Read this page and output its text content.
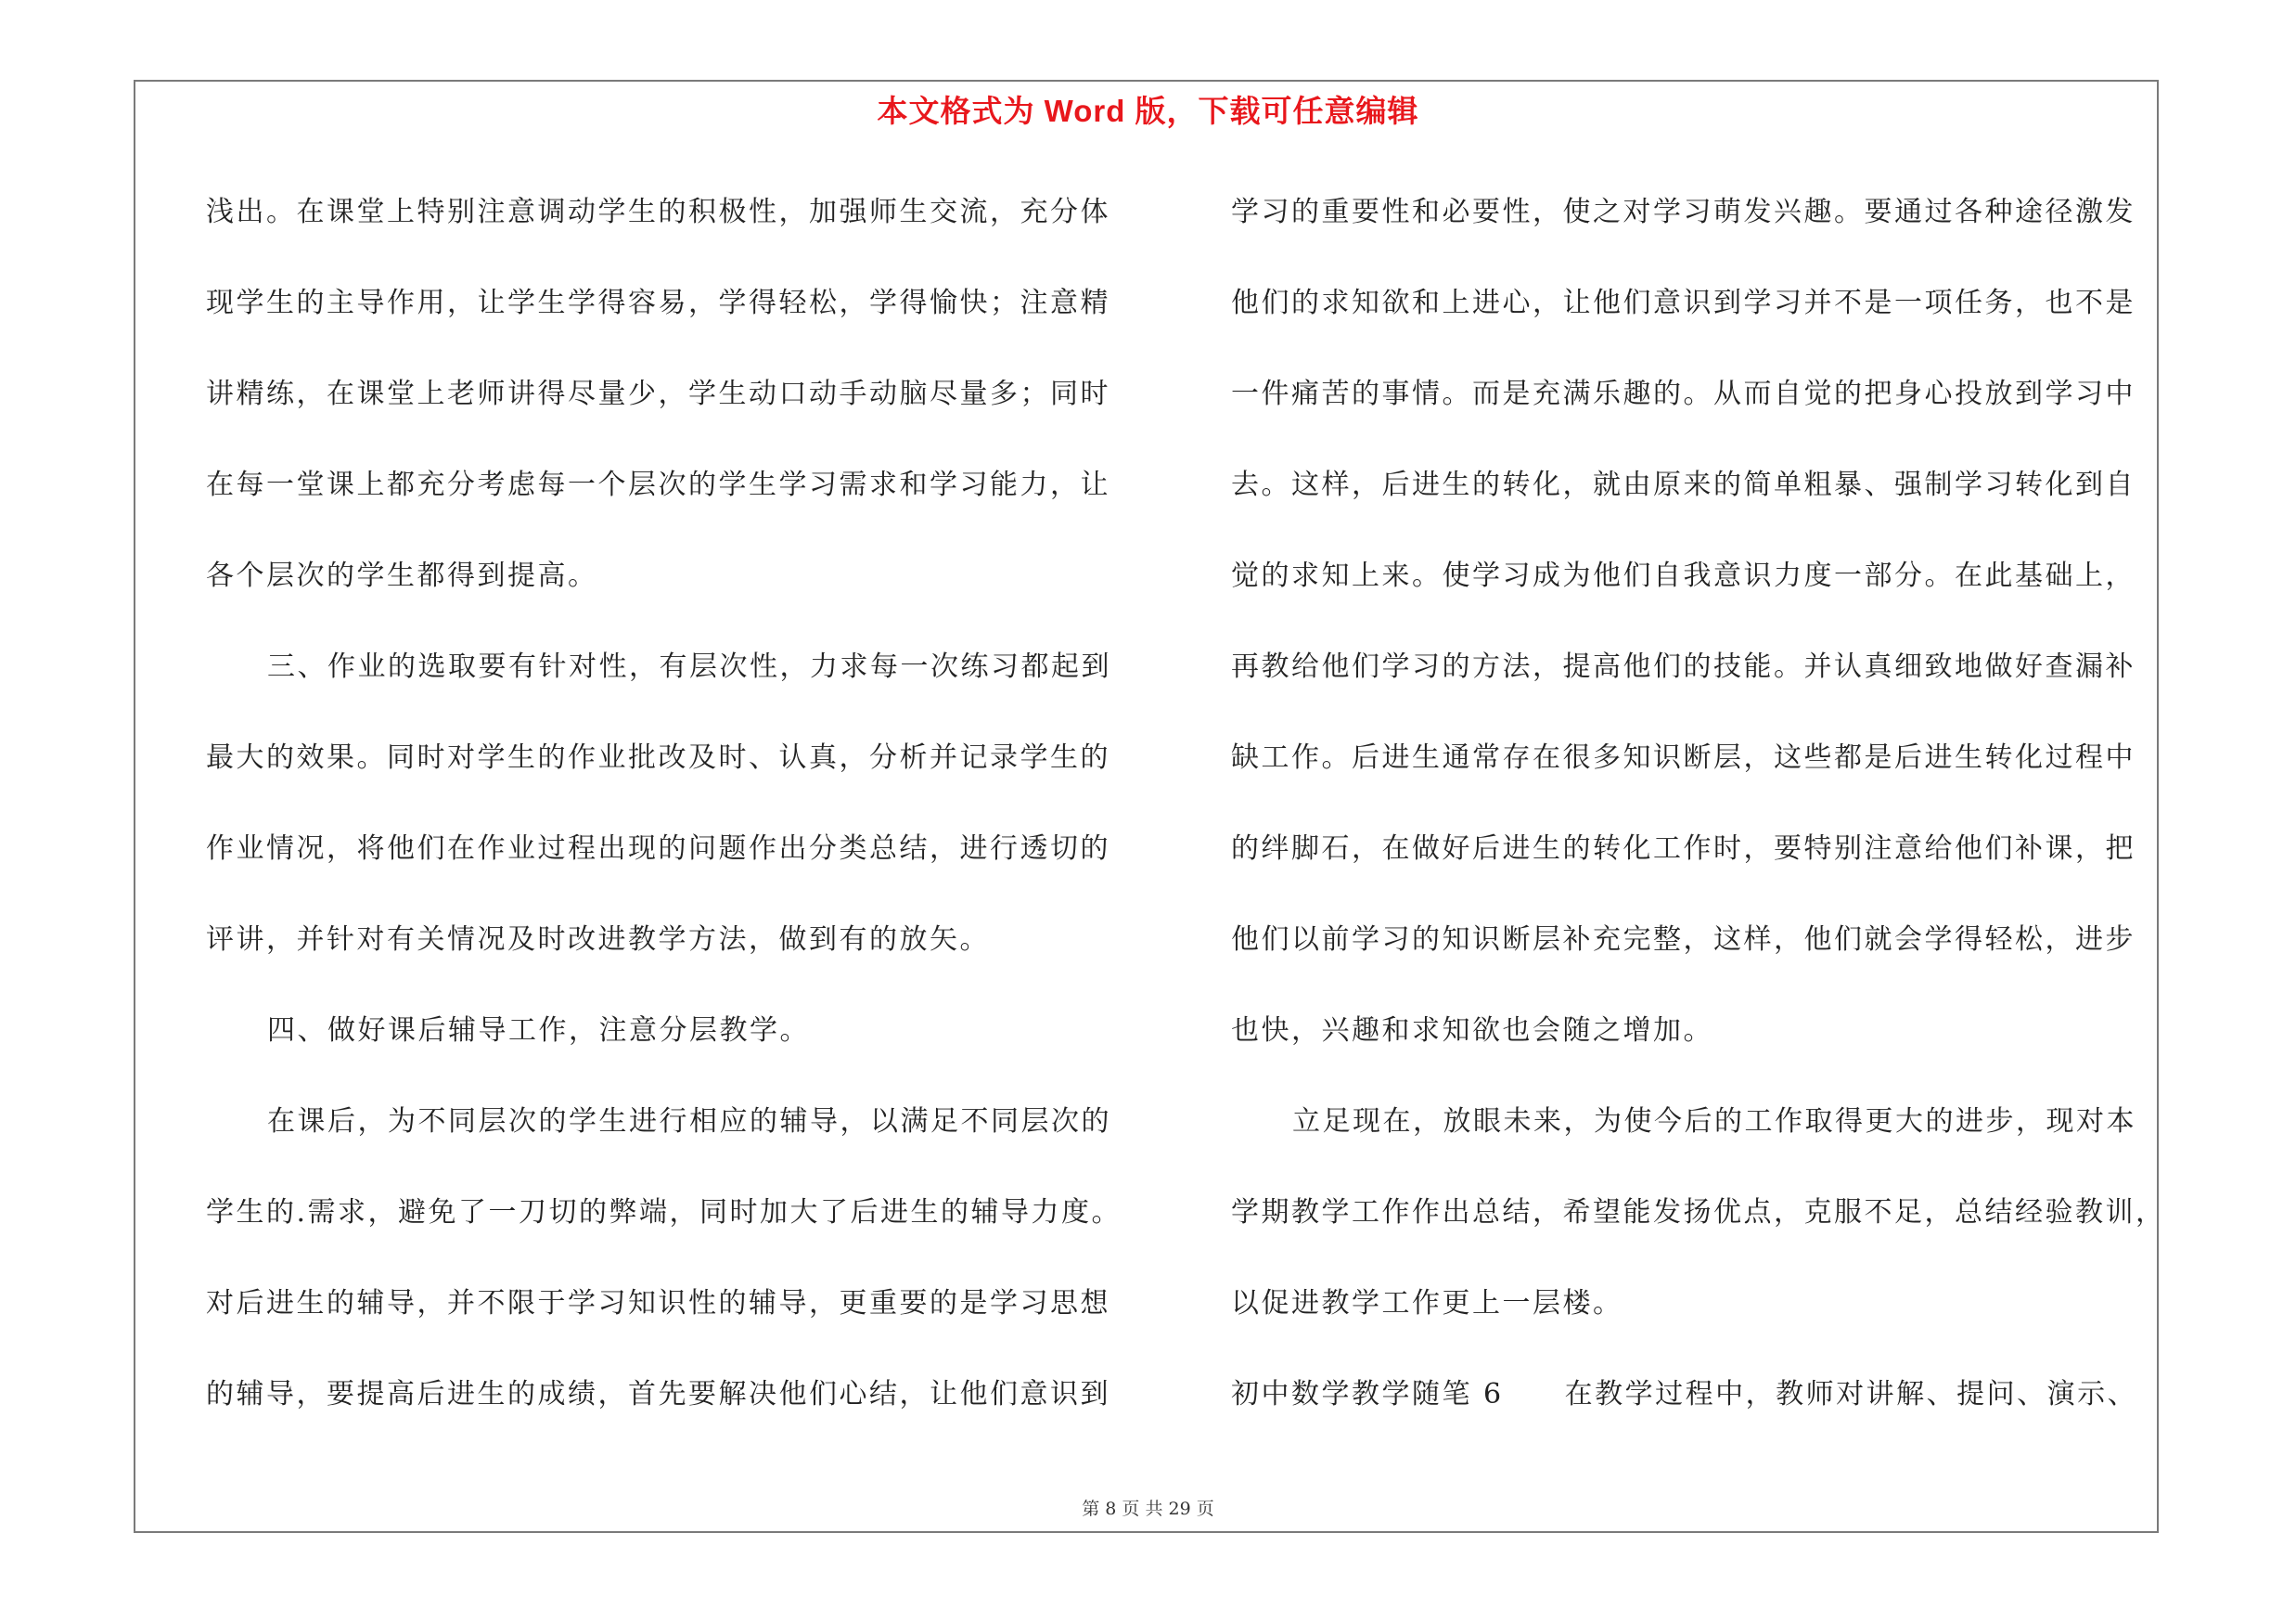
本文格式为 Word 版，下载可任意编辑
浅出。在课堂上特别注意调动学生的积极性，加强师生交流，充分体
现学生的主导作用，让学生学得容易，学得轻松，学得愉快；注意精
讲精练，在课堂上老师讲得尽量少，学生动口动手动脑尽量多；同时
在每一堂课上都充分考虑每一个层次的学生学习需求和学习能力，让
各个层次的学生都得到提高。
三、作业的选取要有针对性，有层次性，力求每一次练习都起到
最大的效果。同时对学生的作业批改及时、认真，分析并记录学生的
作业情况，将他们在作业过程出现的问题作出分类总结，进行透切的
评讲，并针对有关情况及时改进教学方法，做到有的放矢。
四、做好课后辅导工作，注意分层教学。
在课后，为不同层次的学生进行相应的辅导，以满足不同层次的
学生的.需求，避免了一刀切的弊端，同时加大了后进生的辅导力度。
对后进生的辅导，并不限于学习知识性的辅导，更重要的是学习思想
的辅导，要提高后进生的成绩，首先要解决他们心结，让他们意识到
学习的重要性和必要性，使之对学习萌发兴趣。要通过各种途径激发
他们的求知欲和上进心，让他们意识到学习并不是一项任务，也不是
一件痛苦的事情。而是充满乐趣的。从而自觉的把身心投放到学习中
去。这样，后进生的转化，就由原来的简单粗暴、强制学习转化到自
觉的求知上来。使学习成为他们自我意识力度一部分。在此基础上，
再教给他们学习的方法，提高他们的技能。并认真细致地做好查漏补
缺工作。后进生通常存在很多知识断层，这些都是后进生转化过程中
的绊脚石，在做好后进生的转化工作时，要特别注意给他们补课，把
他们以前学习的知识断层补充完整，这样，他们就会学得轻松，进步
也快，兴趣和求知欲也会随之增加。
立足现在，放眼未来，为使今后的工作取得更大的进步，现对本
学期教学工作作出总结，希望能发扬优点，克服不足，总结经验教训，
以促进教学工作更上一层楼。
初中数学教学随笔 6 在教学过程中，教师对讲解、提问、演示、
第 8 页 共 29 页
